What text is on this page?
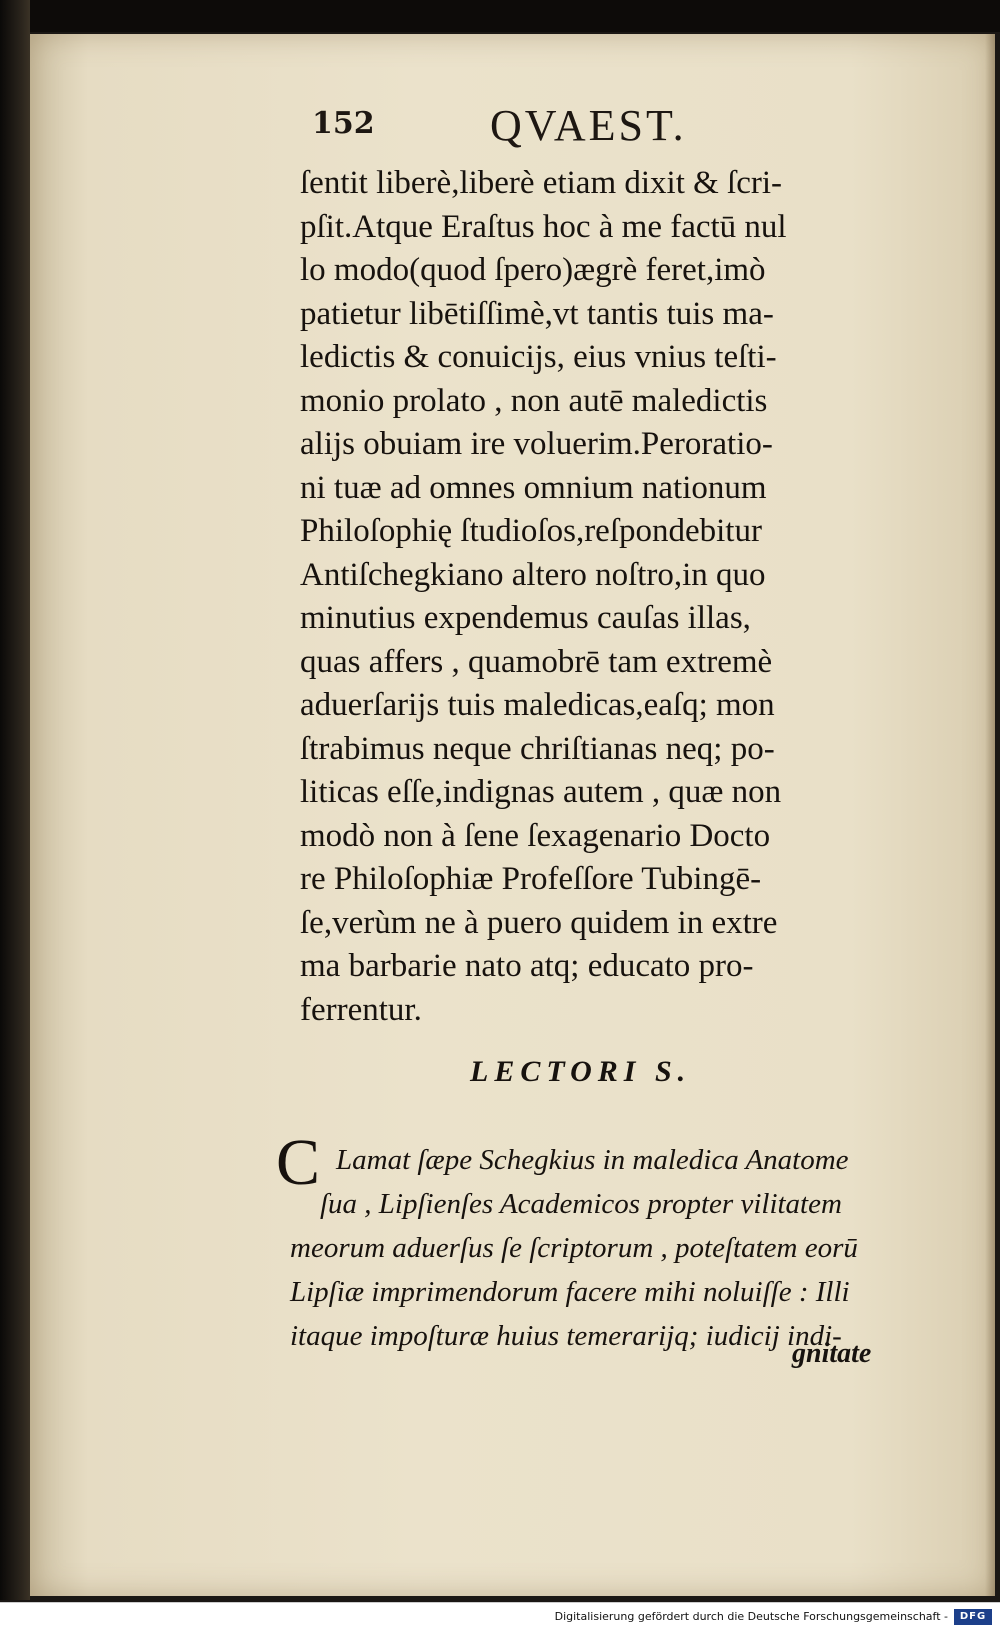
152	QVAEST.
ſentit liberè,liberè etiam dixit & ſcri-
pſit.Atque Eraſtus hoc à me factū nul
lo modo(quod ſpero)ægrè feret,imò
patietur libētiſſimè,vt tantis tuis ma-
ledictis & conuicijs, eius vnius teſti-
monio prolato , non autē maledictis
alijs obuiam ire voluerim.Peroratio-
ni tuæ ad omnes omnium nationum
Philoſophię ſtudioſos,reſpondebitur
Antiſchegkiano altero noſtro,in quo
minutius expendemus cauſas illas,
quas affers , quamobrē tam extremè
aduerſarijs tuis maledicas,eaſq; mon
ſtrabimus neque chriſtianas neq; po-
liticas eſſe,indignas autem , quæ non
modò non à ſene ſexagenario Docto
re Philoſophiæ Profeſſore Tubingē-
ſe,verùm ne à puero quidem in extre
ma barbarie nato atq; educato pro-
ferrentur.
LECTORI S.
C Lamat ſæpe Schegkius in maledica Anatome
ſua , Lipſienſes Academicos propter vilitatem
meorum aduerſus ſe ſcriptorum , poteſtatem eorū
Lipſiæ imprimendorum facere mihi noluiſſe : Illi
itaque impoſturæ huius temerarijq; iudicij indi-
gnitate
Digitalisierung gefördert durch die Deutsche Forschungsgemeinschaft -	DFG
